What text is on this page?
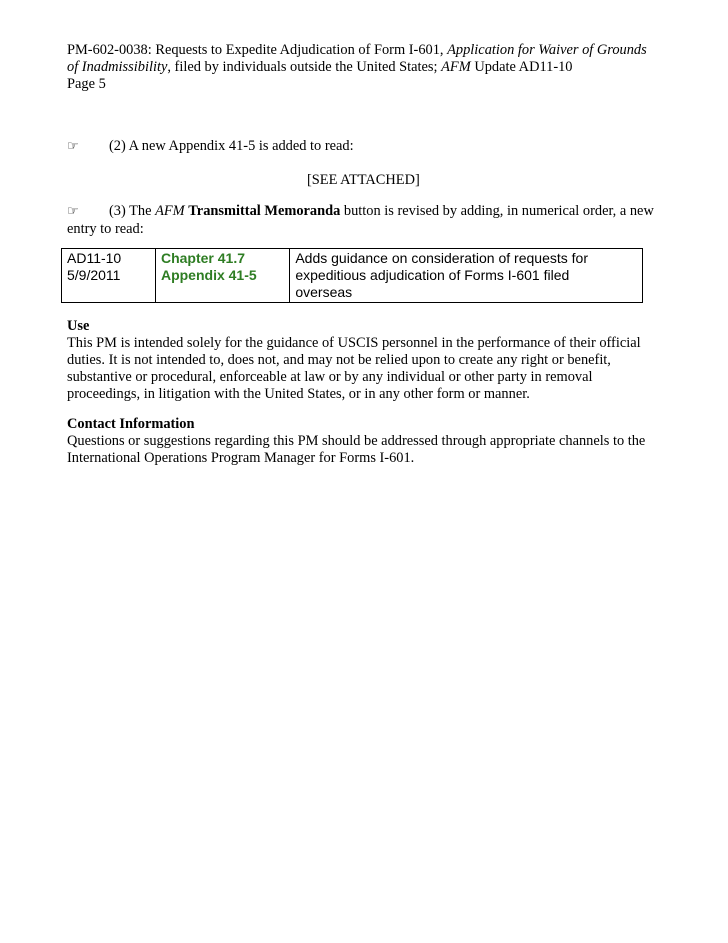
PM-602-0038: Requests to Expedite Adjudication of Form I-601, Application for Waiver of Grounds
of Inadmissibility, filed by individuals outside the United States; AFM Update AD11-10
Page 5
☞ (2) A new Appendix 41-5 is added to read:
[SEE ATTACHED]
☞ (3) The AFM Transmittal Memoranda button is revised by adding, in numerical order, a new
entry to read:
AD11-10
5/9/2011

Chapter 41.7
Appendix 41-5

Adds guidance on consideration of requests for
expeditious adjudication of Forms I-601 filed
overseas
Use
This PM is intended solely for the guidance of USCIS personnel in the performance of their official
duties. It is not intended to, does not, and may not be relied upon to create any right or benefit,
substantive or procedural, enforceable at law or by any individual or other party in removal
proceedings, in litigation with the United States, or in any other form or manner.
Contact Information
Questions or suggestions regarding this PM should be addressed through appropriate channels to the
International Operations Program Manager for Forms I-601.
